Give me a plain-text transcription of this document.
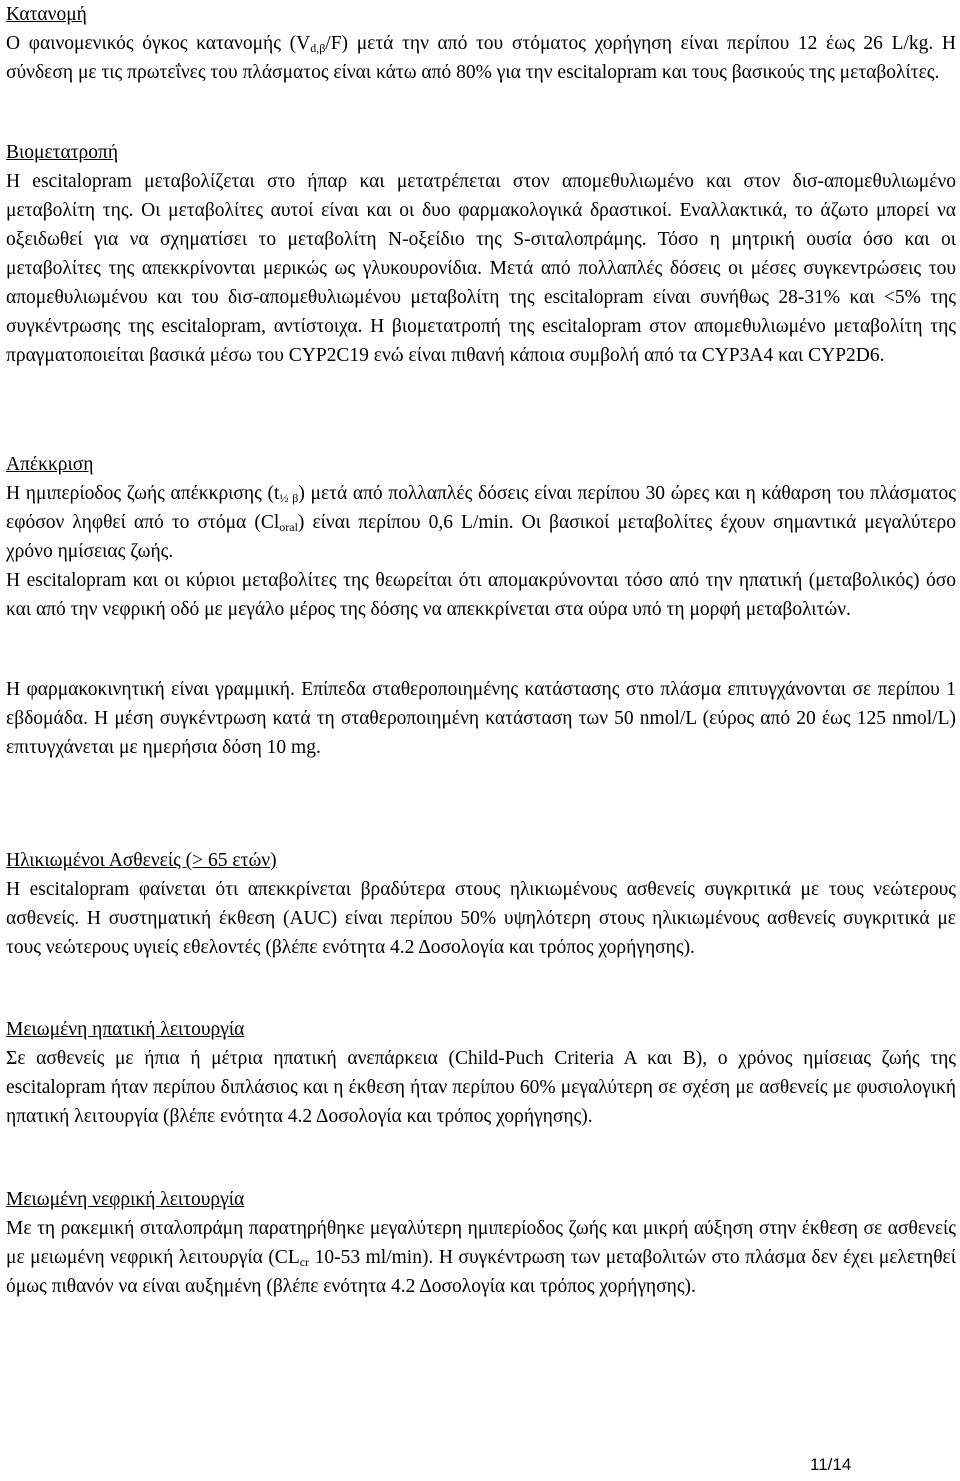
Κατανομή

Ο φαινομενικός όγκος κατανομής $(V_{d,\beta}/F)$ μετά την από του στόματος χορήγηση είναι περίπου 12 έως 26 L/kg. Η σύνδεση με τις πρωτεΐνες του πλάσματος είναι κάτω από 80% για την escitalopram και τους βασικούς της μεταβολίτες.

Βιομετατροπή

Η escitalopram μεταβολίζεται στο ήπαρ και μετατρέπεται στον απομεθυλιωμένο και στον δισ-απομεθυλιωμένο μεταβολίτη της. Οι μεταβολίτες αυτοί είναι και οι δυο φαρμακολογικά δραστικοί. Εναλλακτικά, το άζωτο μπορεί να οξειδωθεί για να σχηματίσει το μεταβολίτη N-οξείδιο της S-σιταλοπράμης. Τόσο η μητρική ουσία όσο και οι μεταβολίτες της απεκκρίνονται μερικώς ως γλυκουρονίδια. Μετά από πολλαπλές δόσεις οι μέσες συγκεντρώσεις του απομεθυλιωμένου και του δισ-απομεθυλιωμένου μεταβολίτη της escitalopram είναι συνήθως 28-31% και <5% της συγκέντρωσης της escitalopram, αντίστοιχα. Η βιομετατροπή της escitalopram στον απομεθυλιωμένο μεταβολίτη της πραγματοποιείται βασικά μέσω του CYP2C19 ενώ είναι πιθανή κάποια συμβολή από τα CYP3A4 και CYP2D6.

Απέκκριση

Η ημιπερίοδος ζωής απέκκρισης $(t_{\frac{1}{2} \beta})$ μετά από πολλαπλές δόσεις είναι περίπου 30 ώρες και η κάθαρση του πλάσματος εφόσον ληφθεί από το στόμα $(Cl_{oral})$ είναι περίπου 0,6 L/min. Οι βασικοί μεταβολίτες έχουν σημαντικά μεγαλύτερο χρόνο ημίσειας ζωής.

Η escitalopram και οι κύριοι μεταβολίτες της θεωρείται ότι απομακρύνονται τόσο από την ηπατική (μεταβολικός) όσο και από την νεφρική οδό με μεγάλο μέρος της δόσης να απεκκρίνεται στα ούρα υπό τη μορφή μεταβολιτών.

Η φαρμακοκινητική είναι γραμμική. Επίπεδα σταθεροποιημένης κατάστασης στο πλάσμα επιτυγχάνονται σε περίπου 1 εβδομάδα. Η μέση συγκέντρωση κατά τη σταθεροποιημένη κατάσταση των 50 nmol/L (εύρος από 20 έως 125 nmol/L) επιτυγχάνεται με ημερήσια δόση 10 mg.

Ηλικιωμένοι Ασθενείς (> 65 ετών)

Η escitalopram φαίνεται ότι απεκκρίνεται βραδύτερα στους ηλικιωμένους ασθενείς συγκριτικά με τους νεώτερους ασθενείς. Η συστηματική έκθεση (AUC) είναι περίπου 50% υψηλότερη στους ηλικιωμένους ασθενείς συγκριτικά με τους νεώτερους υγιείς εθελοντές (βλέπε ενότητα 4.2 Δοσολογία και τρόπος χορήγησης).

Μειωμένη ηπατική λειτουργία

Σε ασθενείς με ήπια ή μέτρια ηπατική ανεπάρκεια (Child-Puch Criteria A και B), ο χρόνος ημίσειας ζωής της escitalopram ήταν περίπου διπλάσιος και η έκθεση ήταν περίπου 60% μεγαλύτερη σε σχέση με ασθενείς με φυσιολογική ηπατική λειτουργία (βλέπε ενότητα 4.2 Δοσολογία και τρόπος χορήγησης).

Μειωμένη νεφρική λειτουργία

Με τη ρακεμική σιταλοπράμη παρατηρήθηκε μεγαλύτερη ημιπερίοδος ζωής και μικρή αύξηση στην έκθεση σε ασθενείς με μειωμένη νεφρική λειτουργία ($CL_{cr}$ 10-53 ml/min). Η συγκέντρωση των μεταβολιτών στο πλάσμα δεν έχει μελετηθεί όμως πιθανόν να είναι αυξημένη (βλέπε ενότητα 4.2 Δοσολογία και τρόπος χορήγησης).

11/14
